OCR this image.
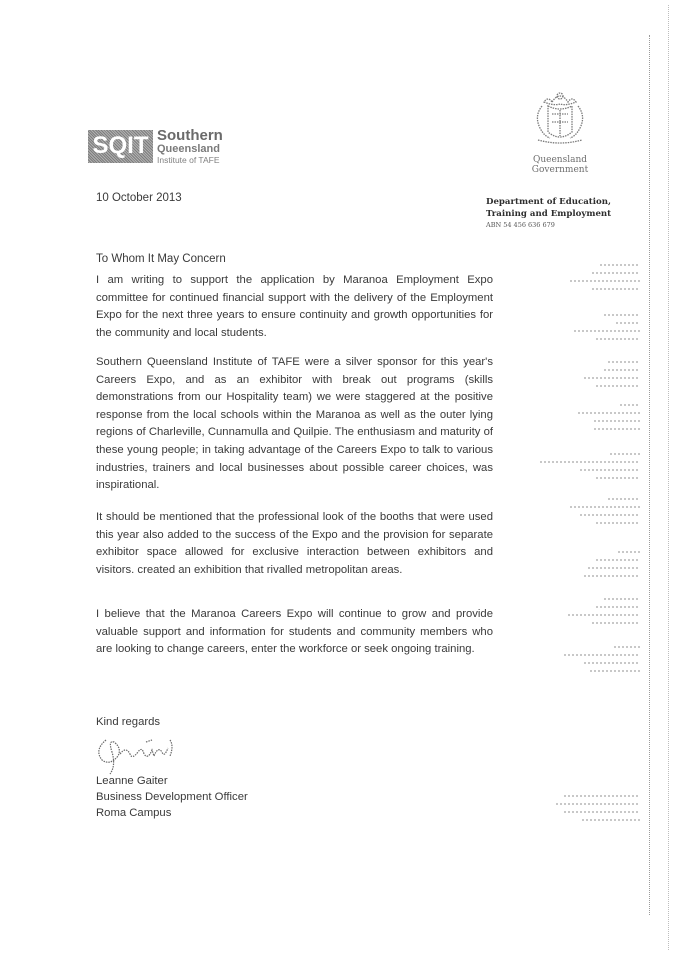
SQIT Southern
Queensland
Institute of TAFE	Queensland
Government
Department of Education,
Training and Employment
ABN 54 456 636 679
10 October 2013
To Whom It May Concern

I am writing to support the application by Maranoa Employment Expo committee for continued financial support with the delivery of the Employment Expo for the next three years to ensure continuity and growth opportunities for the community and local students.

Southern Queensland Institute of TAFE were a silver sponsor for this year's Careers Expo, and as an exhibitor with break out programs (skills demonstrations from our Hospitality team) we were staggered at the positive response from the local schools within the Maranoa as well as the outer lying regions of Charleville, Cunnamulla and Quilpie. The enthusiasm and maturity of these young people; in taking advantage of the Careers Expo to talk to various industries, trainers and local businesses about possible career choices, was inspirational.

It should be mentioned that the professional look of the booths that were used this year also added to the success of the Expo and the provision for separate exhibitor space allowed for exclusive interaction between exhibitors and visitors. created an exhibition that rivalled metropolitan areas.

I believe that the Maranoa Careers Expo will continue to grow and provide valuable support and information for students and community members who are looking to change careers, enter the workforce or seek ongoing training.

Kind regards
Leanne Gaiter
Business Development Officer
Roma Campus
